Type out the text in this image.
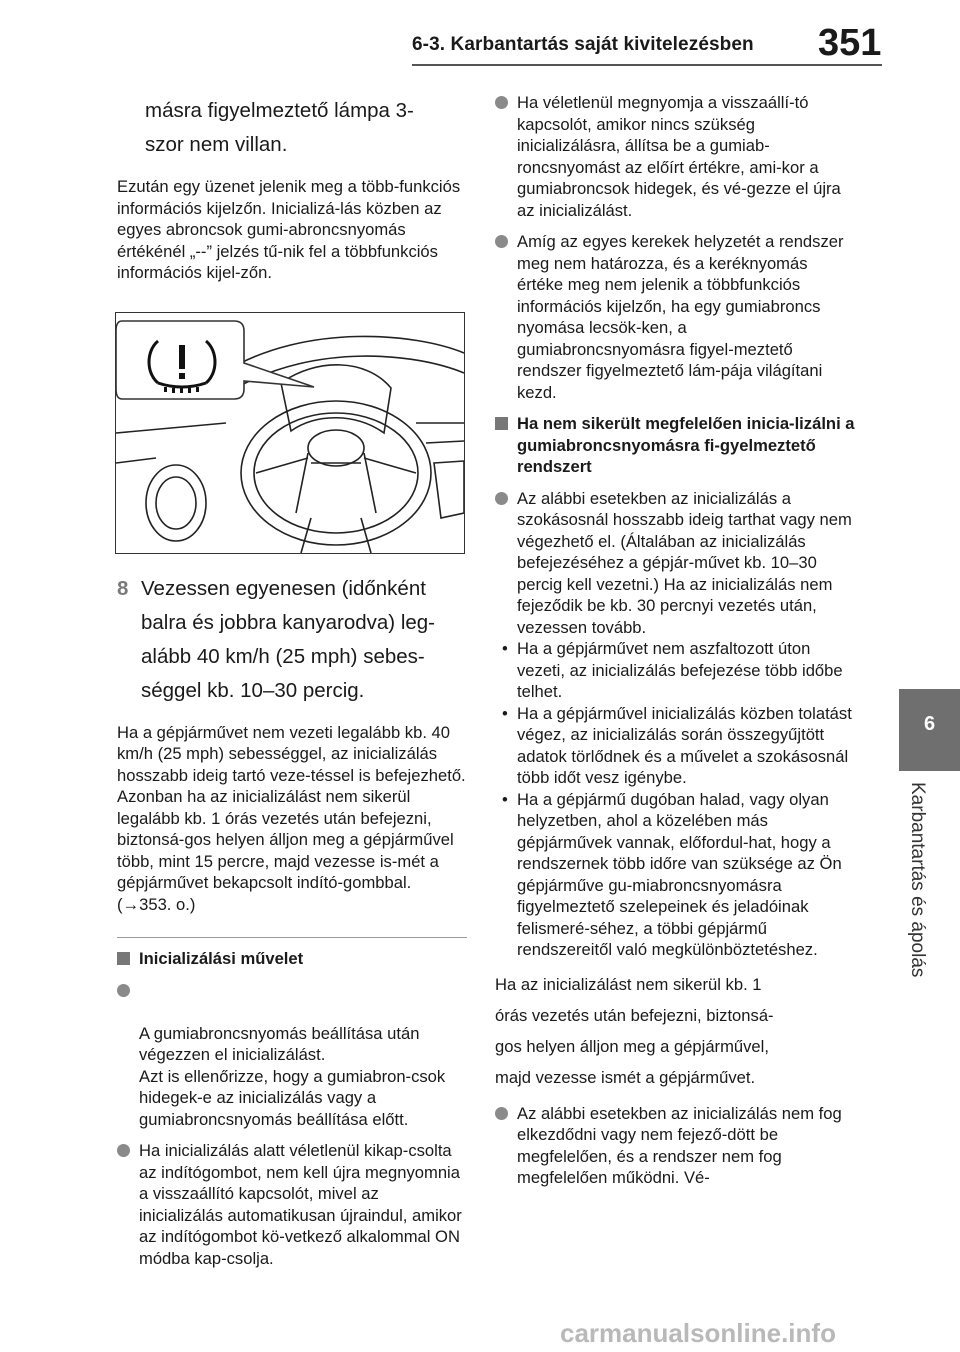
6-3. Karbantartás saját kivitelezésben 351
másra figyelmeztető lámpa 3-
szor nem villan.

Ezután egy üzenet jelenik meg a több-funkciós információs kijelzőn. Inicializá-lás közben az egyes abroncsok gumi-abroncsnyomás értékénél „--” jelzés tű-nik fel a többfunkciós információs kijel-zőn.

8 Vezessen egyenesen (időnként
balra és jobbra kanyarodva) leg-
alább 40 km/h (25 mph) sebes-
séggel kb. 10–30 percig.

Ha a gépjárművet nem vezeti legalább kb. 40 km/h (25 mph) sebességgel, az inicializálás hosszabb ideig tartó veze-téssel is befejezhető. Azonban ha az inicializálást nem sikerül legalább kb. 1 órás vezetés után befejezni, biztonsá-gos helyen álljon meg a gépjárművel több, mint 15 percre, majd vezesse is-mét a gépjárművet bekapcsolt indító-gombbal. (→353. o.)

Inicializálási művelet

A gumiabroncsnyomás beállítása után végezzen el inicializálást.
Azt is ellenőrizze, hogy a gumiabron-csok hidegek-e az inicializálás vagy a gumiabroncsnyomás beállítása előtt.

Ha inicializálás alatt véletlenül kikap-csolta az indítógombot, nem kell újra megnyomnia a visszaállító kapcsolót, mivel az inicializálás automatikusan újraindul, amikor az indítógombot kö-vetkező alkalommal ON módba kap-csolja.

Ha véletlenül megnyomja a visszaállí-tó kapcsolót, amikor nincs szükség inicializálásra, állítsa be a gumiab-roncsnyomást az előírt értékre, ami-kor a gumiabroncsok hidegek, és vé-gezze el újra az inicializálást.

Amíg az egyes kerekek helyzetét a rendszer meg nem határozza, és a keréknyomás értéke meg nem jelenik a többfunkciós információs kijelzőn, ha egy gumiabroncs nyomása lecsök-ken, a gumiabroncsnyomásra figyel-meztető rendszer figyelmeztető lám-pája világítani kezd.

Ha nem sikerült megfelelően inicia-lizálni a gumiabroncsnyomásra fi-gyelmeztető rendszert

Az alábbi esetekben az inicializálás a szokásosnál hosszabb ideig tarthat vagy nem végezhető el. (Általában az inicializálás befejezéséhez a gépjár-művet kb. 10–30 percig kell vezetni.) Ha az inicializálás nem fejeződik be kb. 30 percnyi vezetés után, vezessen tovább.

• Ha a gépjárművet nem aszfaltozott úton vezeti, az inicializálás befejezése több időbe telhet.

• Ha a gépjárművel inicializálás közben tolatást végez, az inicializálás során összegyűjtött adatok törlődnek és a művelet a szokásosnál több időt vesz igénybe.

• Ha a gépjármű dugóban halad, vagy olyan helyzetben, ahol a közelében más gépjárművek vannak, előfordul-hat, hogy a rendszernek több időre van szüksége az Ön gépjárművе gu-miabroncsnyomásra figyelmeztető szelepeinek és jeladóinak felismeré-séhez, a többi gépjármű rendszereitől való megkülönböztetéshez.

Ha az inicializálást nem sikerül kb. 1
órás vezetés után befejezni, biztonsá-
gos helyen álljon meg a gépjárművel,
majd vezesse ismét a gépjárművet.

Az alábbi esetekben az inicializálás nem fog elkezdődni vagy nem fejező-dött be megfelelően, és a rendszer nem fog megfelelően működni. Vé-

6
Karbantartás és ápolás
carmanualsonline.info
